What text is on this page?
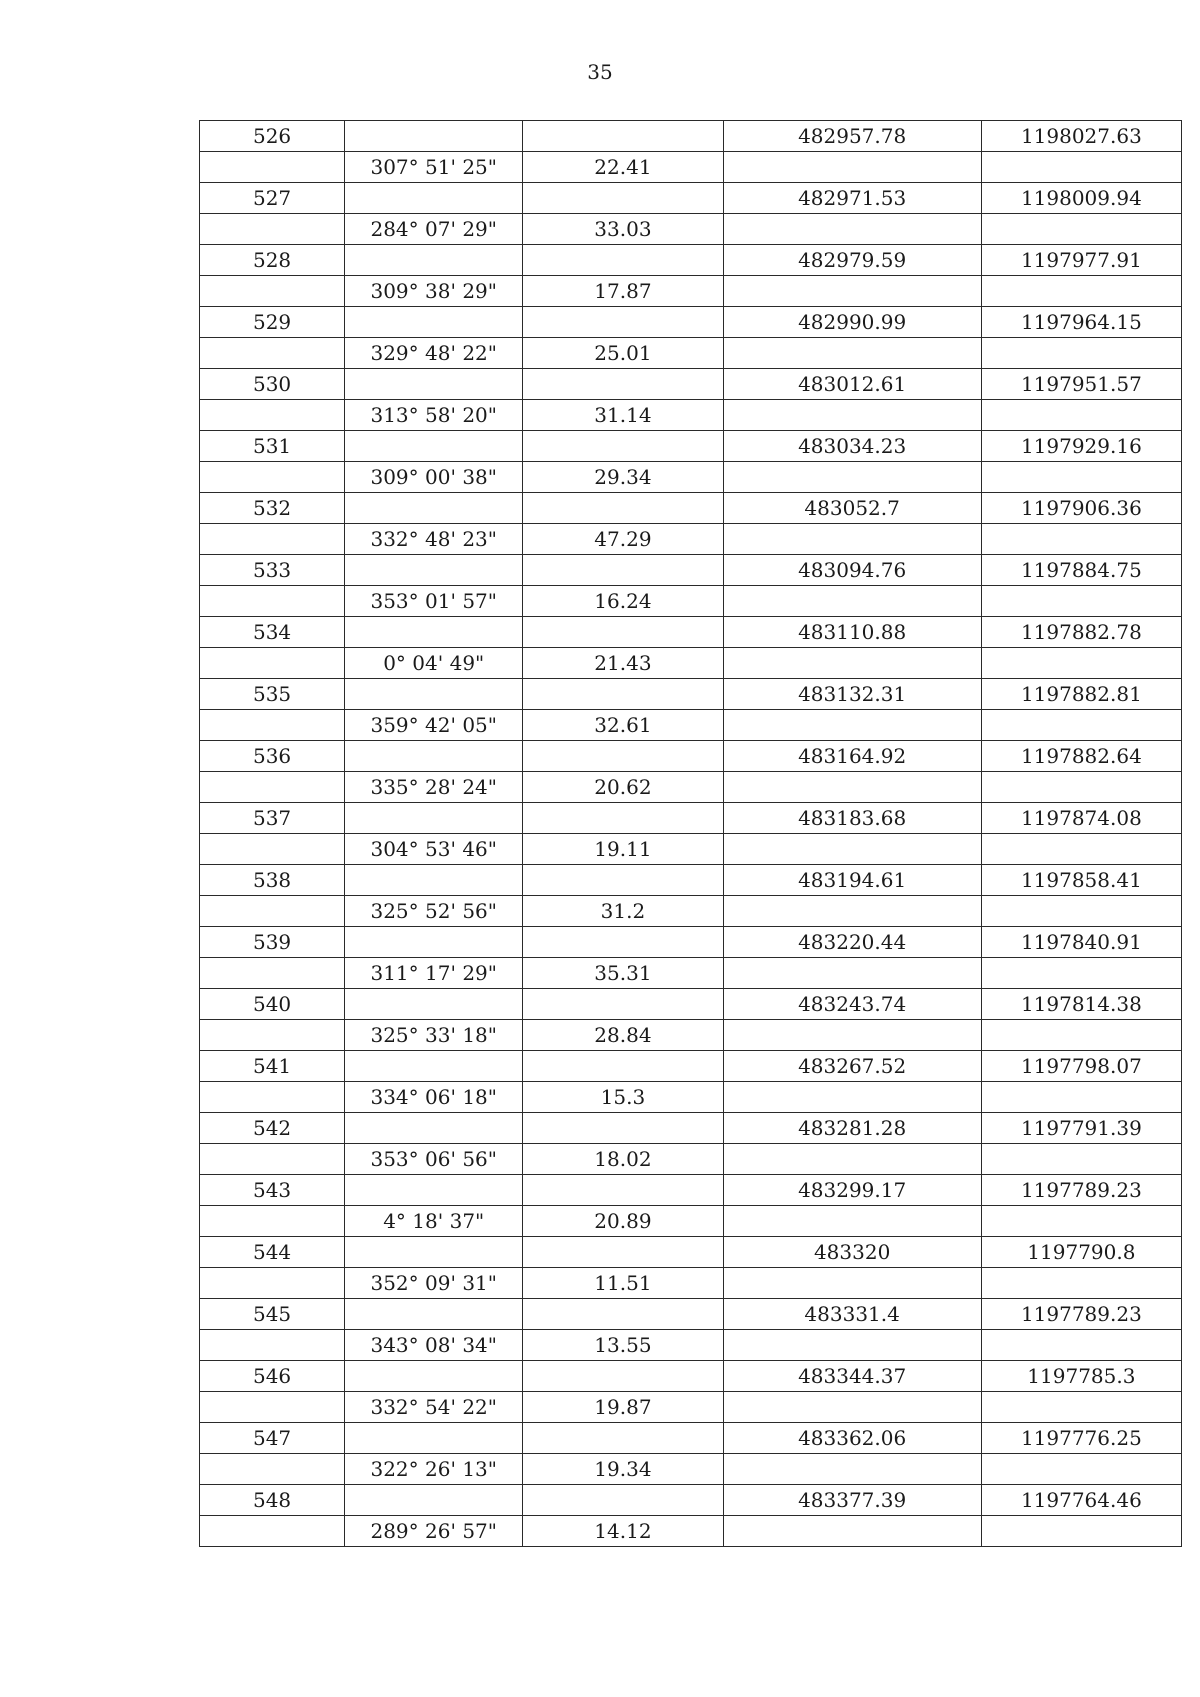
35
526			482957.78	1198027.63
	307° 51' 25"	22.41		
527			482971.53	1198009.94
	284° 07' 29"	33.03		
528			482979.59	1197977.91
	309° 38' 29"	17.87		
529			482990.99	1197964.15
	329° 48' 22"	25.01		
530			483012.61	1197951.57
	313° 58' 20"	31.14		
531			483034.23	1197929.16
	309° 00' 38"	29.34		
532			483052.7	1197906.36
	332° 48' 23"	47.29		
533			483094.76	1197884.75
	353° 01' 57"	16.24		
534			483110.88	1197882.78
	0° 04' 49"	21.43		
535			483132.31	1197882.81
	359° 42' 05"	32.61		
536			483164.92	1197882.64
	335° 28' 24"	20.62		
537			483183.68	1197874.08
	304° 53' 46"	19.11		
538			483194.61	1197858.41
	325° 52' 56"	31.2		
539			483220.44	1197840.91
	311° 17' 29"	35.31		
540			483243.74	1197814.38
	325° 33' 18"	28.84		
541			483267.52	1197798.07
	334° 06' 18"	15.3		
542			483281.28	1197791.39
	353° 06' 56"	18.02		
543			483299.17	1197789.23
	4° 18' 37"	20.89		
544			483320	1197790.8
	352° 09' 31"	11.51		
545			483331.4	1197789.23
	343° 08' 34"	13.55		
546			483344.37	1197785.3
	332° 54' 22"	19.87		
547			483362.06	1197776.25
	322° 26' 13"	19.34		
548			483377.39	1197764.46
	289° 26' 57"	14.12		
